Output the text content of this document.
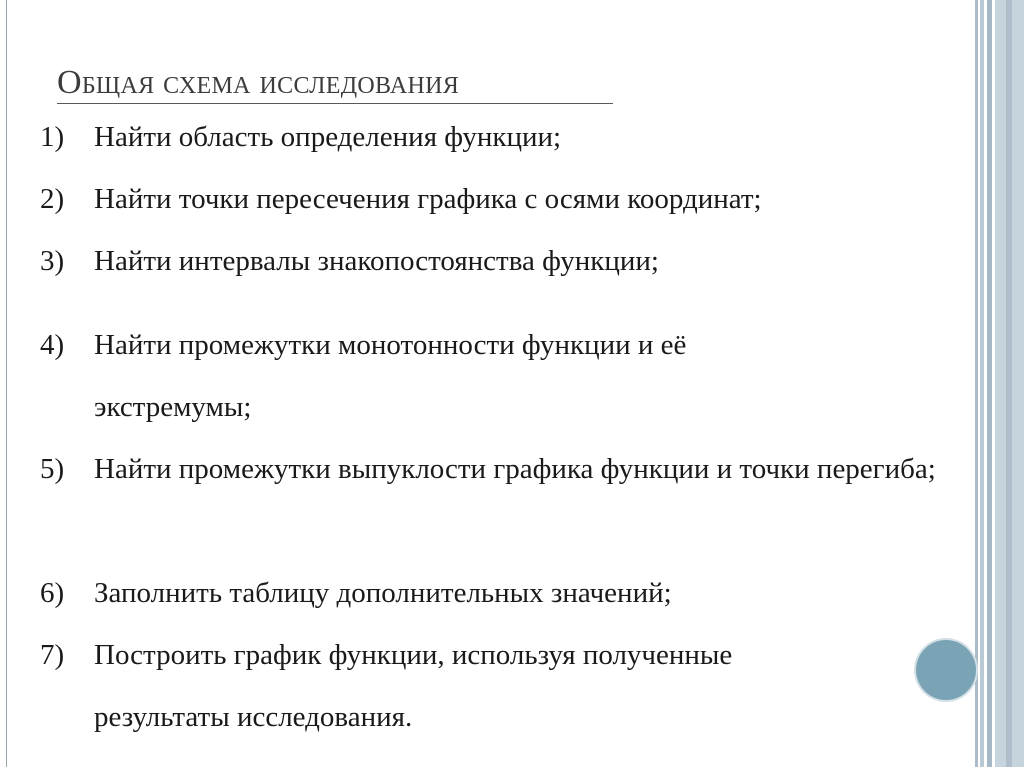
Общая схема исследования
1) Найти область определения функции;
2) Найти точки пересечения графика с осями координат;
3) Найти интервалы знакопостоянства функции;
4) Найти промежутки монотонности функции и её экстремумы;
5) Найти промежутки выпуклости графика функции и точки перегиба;
6) Заполнить таблицу дополнительных значений;
7) Построить график функции, используя полученные результаты исследования.
